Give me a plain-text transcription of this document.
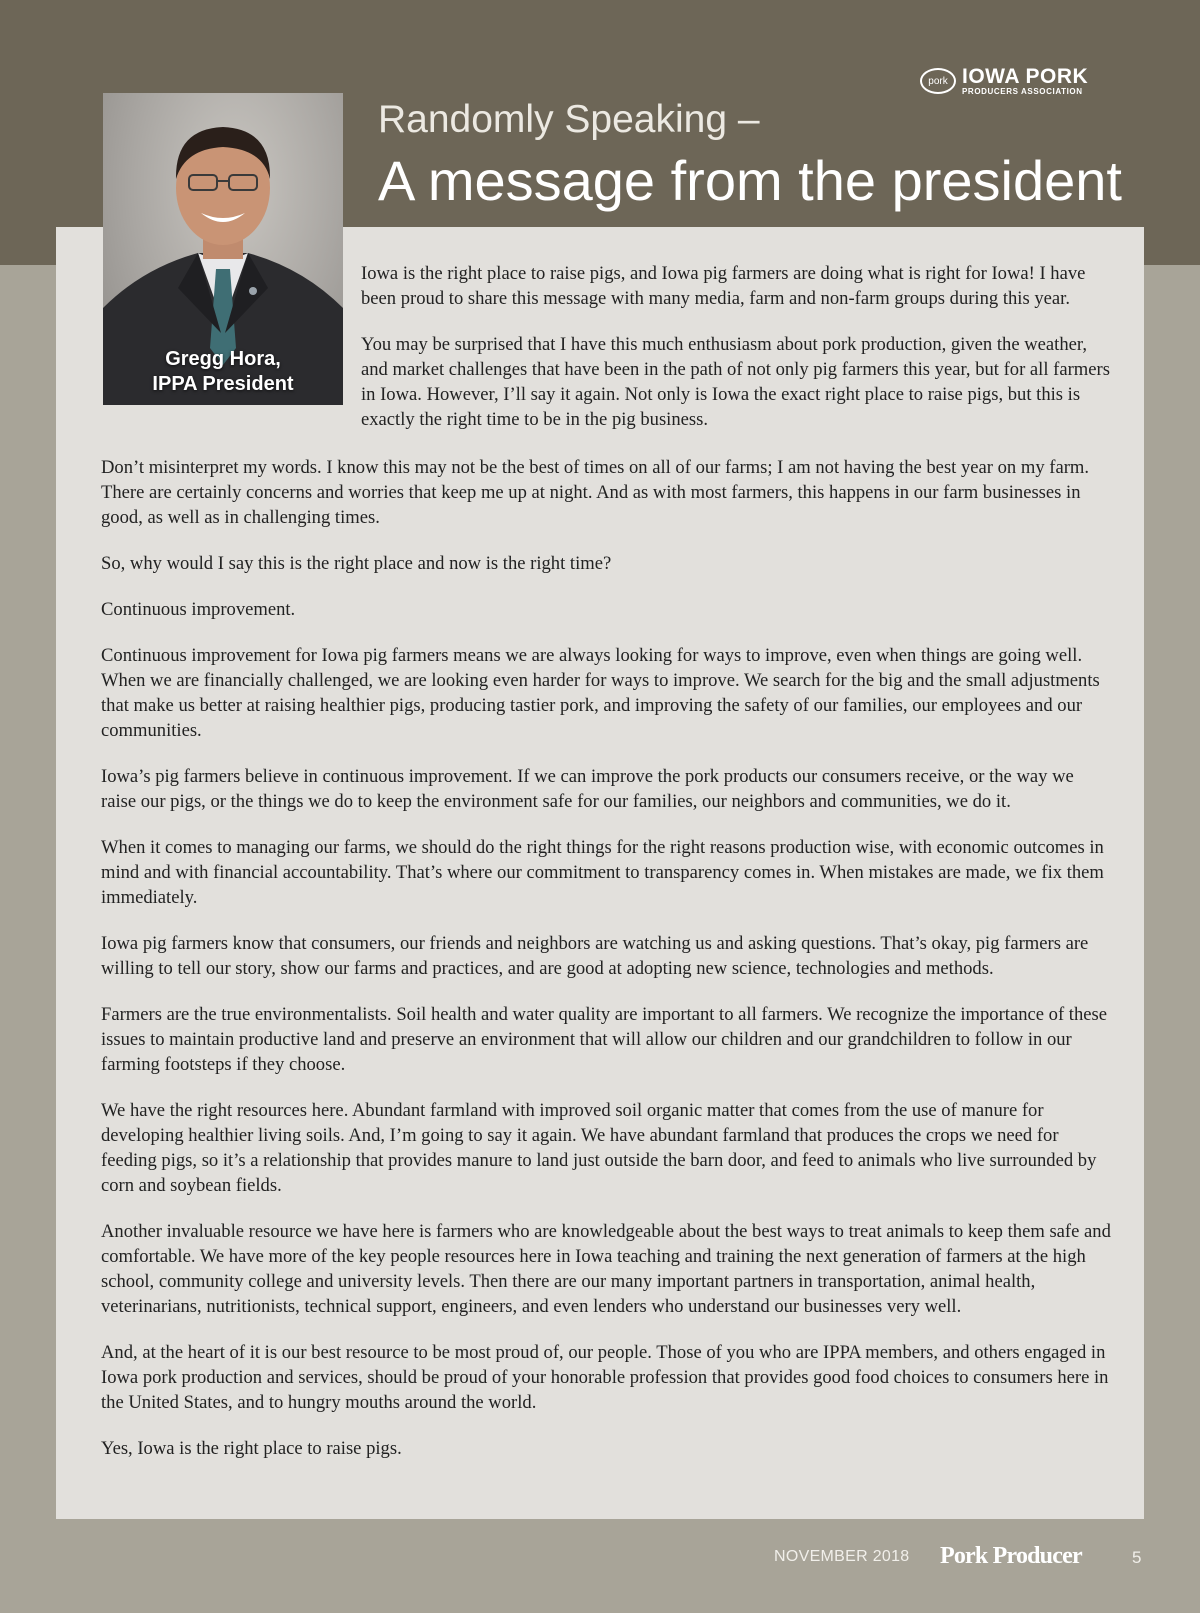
pork IOWA PORK
PRODUCERS ASSOCIATION
Randomly Speaking –
A message from the president
Gregg Hora,
IPPA President

Iowa is the right place to raise pigs, and Iowa pig farmers are doing what is right for Iowa! I have been proud to share this message with many media, farm and non-farm groups during this year.

You may be surprised that I have this much enthusiasm about pork production, given the weather, and market challenges that have been in the path of not only pig farmers this year, but for all farmers in Iowa. However, I’ll say it again. Not only is Iowa the exact right place to raise pigs, but this is exactly the right time to be in the pig business.

Don’t misinterpret my words. I know this may not be the best of times on all of our farms; I am not having the best year on my farm. There are certainly concerns and worries that keep me up at night. And as with most farmers, this happens in our farm businesses in good, as well as in challenging times.

So, why would I say this is the right place and now is the right time?

Continuous improvement.

Continuous improvement for Iowa pig farmers means we are always looking for ways to improve, even when things are going well. When we are financially challenged, we are looking even harder for ways to improve. We search for the big and the small adjustments that make us better at raising healthier pigs, producing tastier pork, and improving the safety of our families, our employees and our communities.

Iowa’s pig farmers believe in continuous improvement. If we can improve the pork products our consumers receive, or the way we raise our pigs, or the things we do to keep the environment safe for our families, our neighbors and communities, we do it.

When it comes to managing our farms, we should do the right things for the right reasons production wise, with economic outcomes in mind and with financial accountability. That’s where our commitment to transparency comes in. When mistakes are made, we fix them immediately.

Iowa pig farmers know that consumers, our friends and neighbors are watching us and asking questions. That’s okay, pig farmers are willing to tell our story, show our farms and practices, and are good at adopting new science, technologies and methods.

Farmers are the true environmentalists. Soil health and water quality are important to all farmers. We recognize the importance of these issues to maintain productive land and preserve an environment that will allow our children and our grandchildren to follow in our farming footsteps if they choose.

We have the right resources here. Abundant farmland with improved soil organic matter that comes from the use of manure for developing healthier living soils. And, I’m going to say it again. We have abundant farmland that produces the crops we need for feeding pigs, so it’s a relationship that provides manure to land just outside the barn door, and feed to animals who live surrounded by corn and soybean fields.

Another invaluable resource we have here is farmers who are knowledgeable about the best ways to treat animals to keep them safe and comfortable. We have more of the key people resources here in Iowa teaching and training the next generation of farmers at the high school, community college and university levels. Then there are our many important partners in transportation, animal health, veterinarians, nutritionists, technical support, engineers, and even lenders who understand our businesses very well.

And, at the heart of it is our best resource to be most proud of, our people. Those of you who are IPPA members, and others engaged in Iowa pork production and services, should be proud of your honorable profession that provides good food choices to consumers here in the United States, and to hungry mouths around the world.

Yes, Iowa is the right place to raise pigs.

NOVEMBER 2018 Pork Producer	5
